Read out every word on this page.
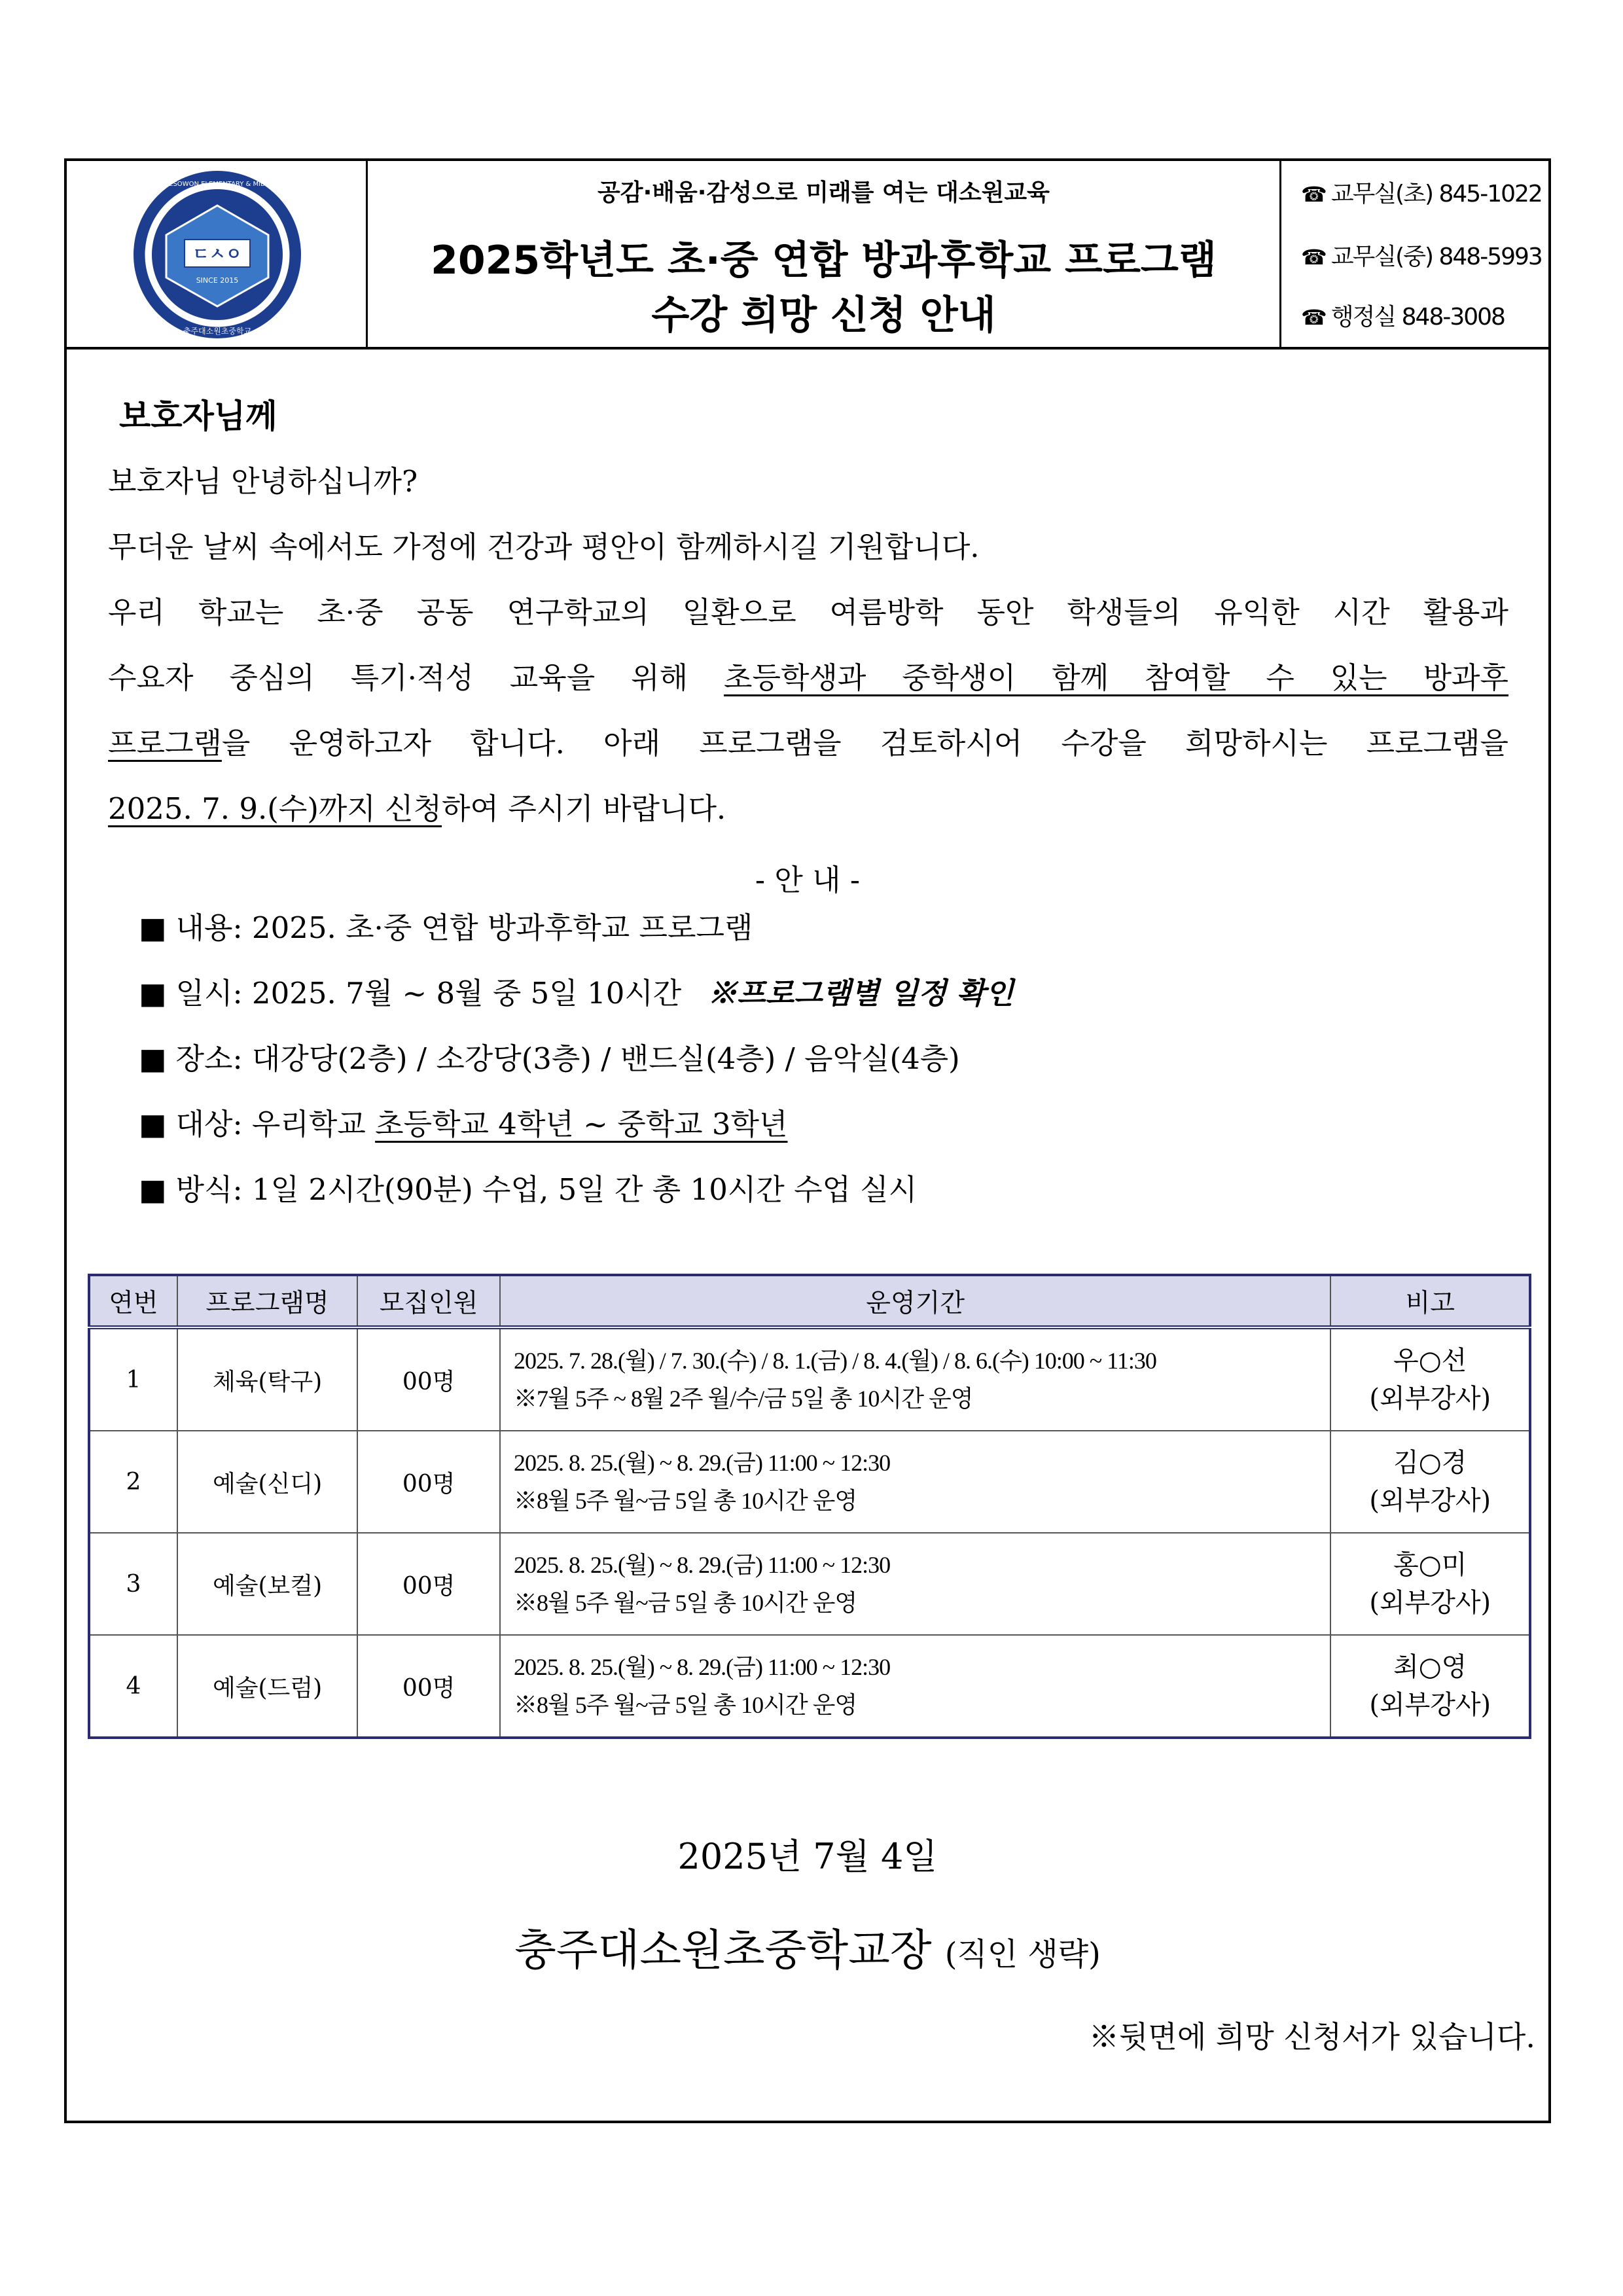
ㄷㅅㅇ
SINCE 2015
CHUNGJU DAESOWON ELEMENTARY & MIDDLE SCHOOL
충주대소원초중학교
공감·배움·감성으로 미래를 여는 대소원교육
2025학년도 초·중 연합 방과후학교 프로그램
수강 희망 신청 안내
☎ 교무실(초) 845-1022
☎ 교무실(중) 848-5993
☎ 행정실 848-3008
보호자님께
보호자님 안녕하십니까?
무더운 날씨 속에서도 가정에 건강과 평안이 함께하시길 기원합니다.
우리 학교는 초·중 공동 연구학교의 일환으로 여름방학 동안 학생들의 유익한 시간 활용과
수요자 중심의 특기·적성 교육을 위해 초등학생과 중학생이 함께 참여할 수 있는 방과후
프로그램을 운영하고자 합니다. 아래 프로그램을 검토하시어 수강을 희망하시는 프로그램을
2025. 7. 9.(수)까지 신청하여 주시기 바랍니다.
- 안 내 -
■ 내용: 2025. 초·중 연합 방과후학교 프로그램
■ 일시: 2025. 7월 ~ 8월 중 5일 10시간 ※프로그램별 일정 확인
■ 장소: 대강당(2층) / 소강당(3층) / 밴드실(4층) / 음악실(4층)
■ 대상: 우리학교 초등학교 4학년 ~ 중학교 3학년
■ 방식: 1일 2시간(90분) 수업, 5일 간 총 10시간 수업 실시
연번	프로그램명	모집인원	운영기간	비고
1	체육(탁구)	00명	2025. 7. 28.(월) / 7. 30.(수) / 8. 1.(금) / 8. 4.(월) / 8. 6.(수) 10:00 ~ 11:30
※7월 5주 ~ 8월 2주 월/수/금 5일 총 10시간 운영	우○선
(외부강사)

2	예술(신디)	00명	2025. 8. 25.(월) ~ 8. 29.(금) 11:00 ~ 12:30
※8월 5주 월~금 5일 총 10시간 운영	김○경
(외부강사)

3	예술(보컬)	00명	2025. 8. 25.(월) ~ 8. 29.(금) 11:00 ~ 12:30
※8월 5주 월~금 5일 총 10시간 운영	홍○미
(외부강사)

4	예술(드럼)	00명	2025. 8. 25.(월) ~ 8. 29.(금) 11:00 ~ 12:30
※8월 5주 월~금 5일 총 10시간 운영	최○영
(외부강사)
2025년 7월 4일
충주대소원초중학교장 (직인 생략)
※뒷면에 희망 신청서가 있습니다.
